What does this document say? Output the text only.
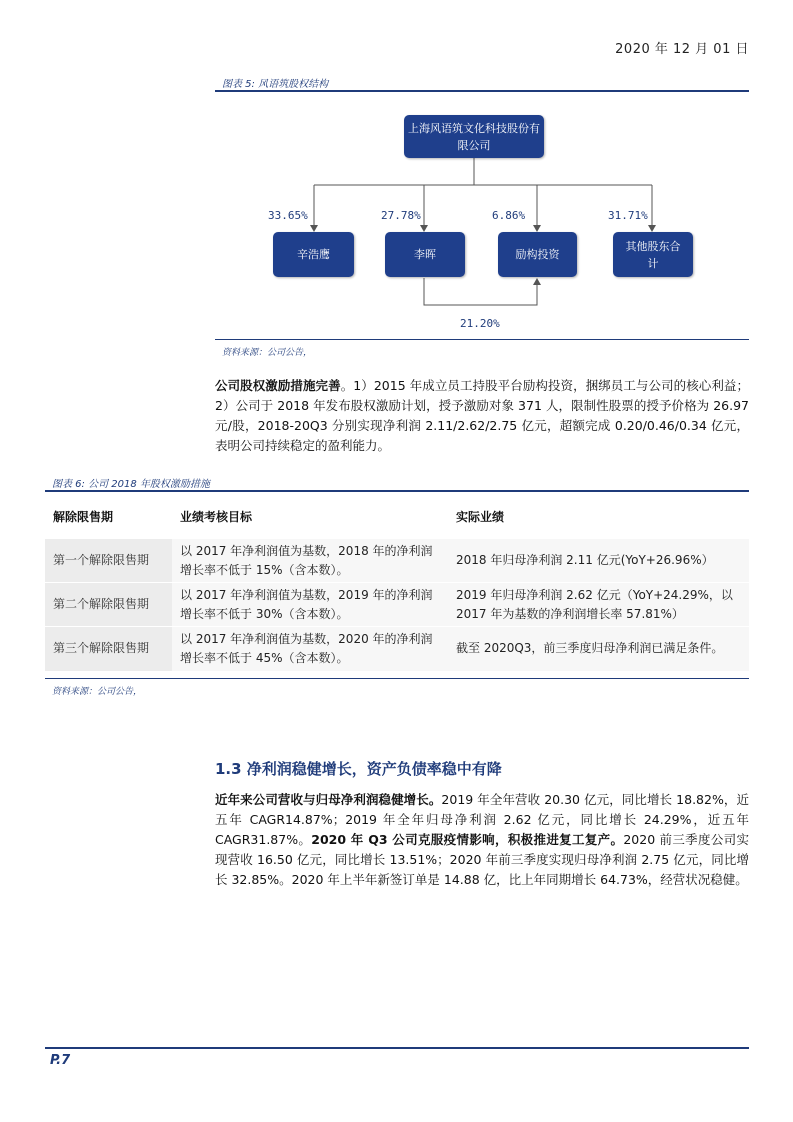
2020 年 12 月 01 日
图表 5: 风语筑股权结构
上海风语筑文化科技股份有限公司
辛浩鹰	李晖	励构投资
其他股东合计
33.65%	27.78%	6.86%	31.71%
21.20%
资料来源：公司公告，
公司股权激励措施完善。1）2015 年成立员工持股平台励构投资，捆绑员工与公司的核心利益；2）公司于 2018 年发布股权激励计划，授予激励对象 371 人，限制性股票的授予价格为 26.97 元/股，2018-20Q3 分别实现净利润 2.11/2.62/2.75 亿元，超额完成 0.20/0.46/0.34 亿元，表明公司持续稳定的盈利能力。
图表 6: 公司 2018 年股权激励措施
解除限售期	业绩考核目标	实际业绩
第一个解除限售期	以 2017 年净利润值为基数，2018 年的净利润增长率不低于 15%（含本数）。	2018 年归母净利润 2.11 亿元(YoY+26.96%）
第二个解除限售期	以 2017 年净利润值为基数，2019 年的净利润增长率不低于 30%（含本数）。	2019 年归母净利润 2.62 亿元（YoY+24.29%，以 2017 年为基数的净利润增长率 57.81%）
第三个解除限售期	以 2017 年净利润值为基数，2020 年的净利润增长率不低于 45%（含本数）。	截至 2020Q3，前三季度归母净利润已满足条件。
资料来源：公司公告，
1.3 净利润稳健增长，资产负债率稳中有降
近年来公司营收与归母净利润稳健增长。2019 年全年营收 20.30 亿元，同比增长 18.82%，近五年 CAGR14.87%；2019 年全年归母净利润 2.62 亿元，同比增长 24.29%，近五年 CAGR31.87%。2020 年 Q3 公司克服疫情影响，积极推进复工复产。2020 前三季度公司实现营收 16.50 亿元，同比增长 13.51%；2020 年前三季度实现归母净利润 2.75 亿元，同比增长 32.85%。2020 年上半年新签订单是 14.88 亿，比上年同期增长 64.73%，经营状况稳健。
P.7
